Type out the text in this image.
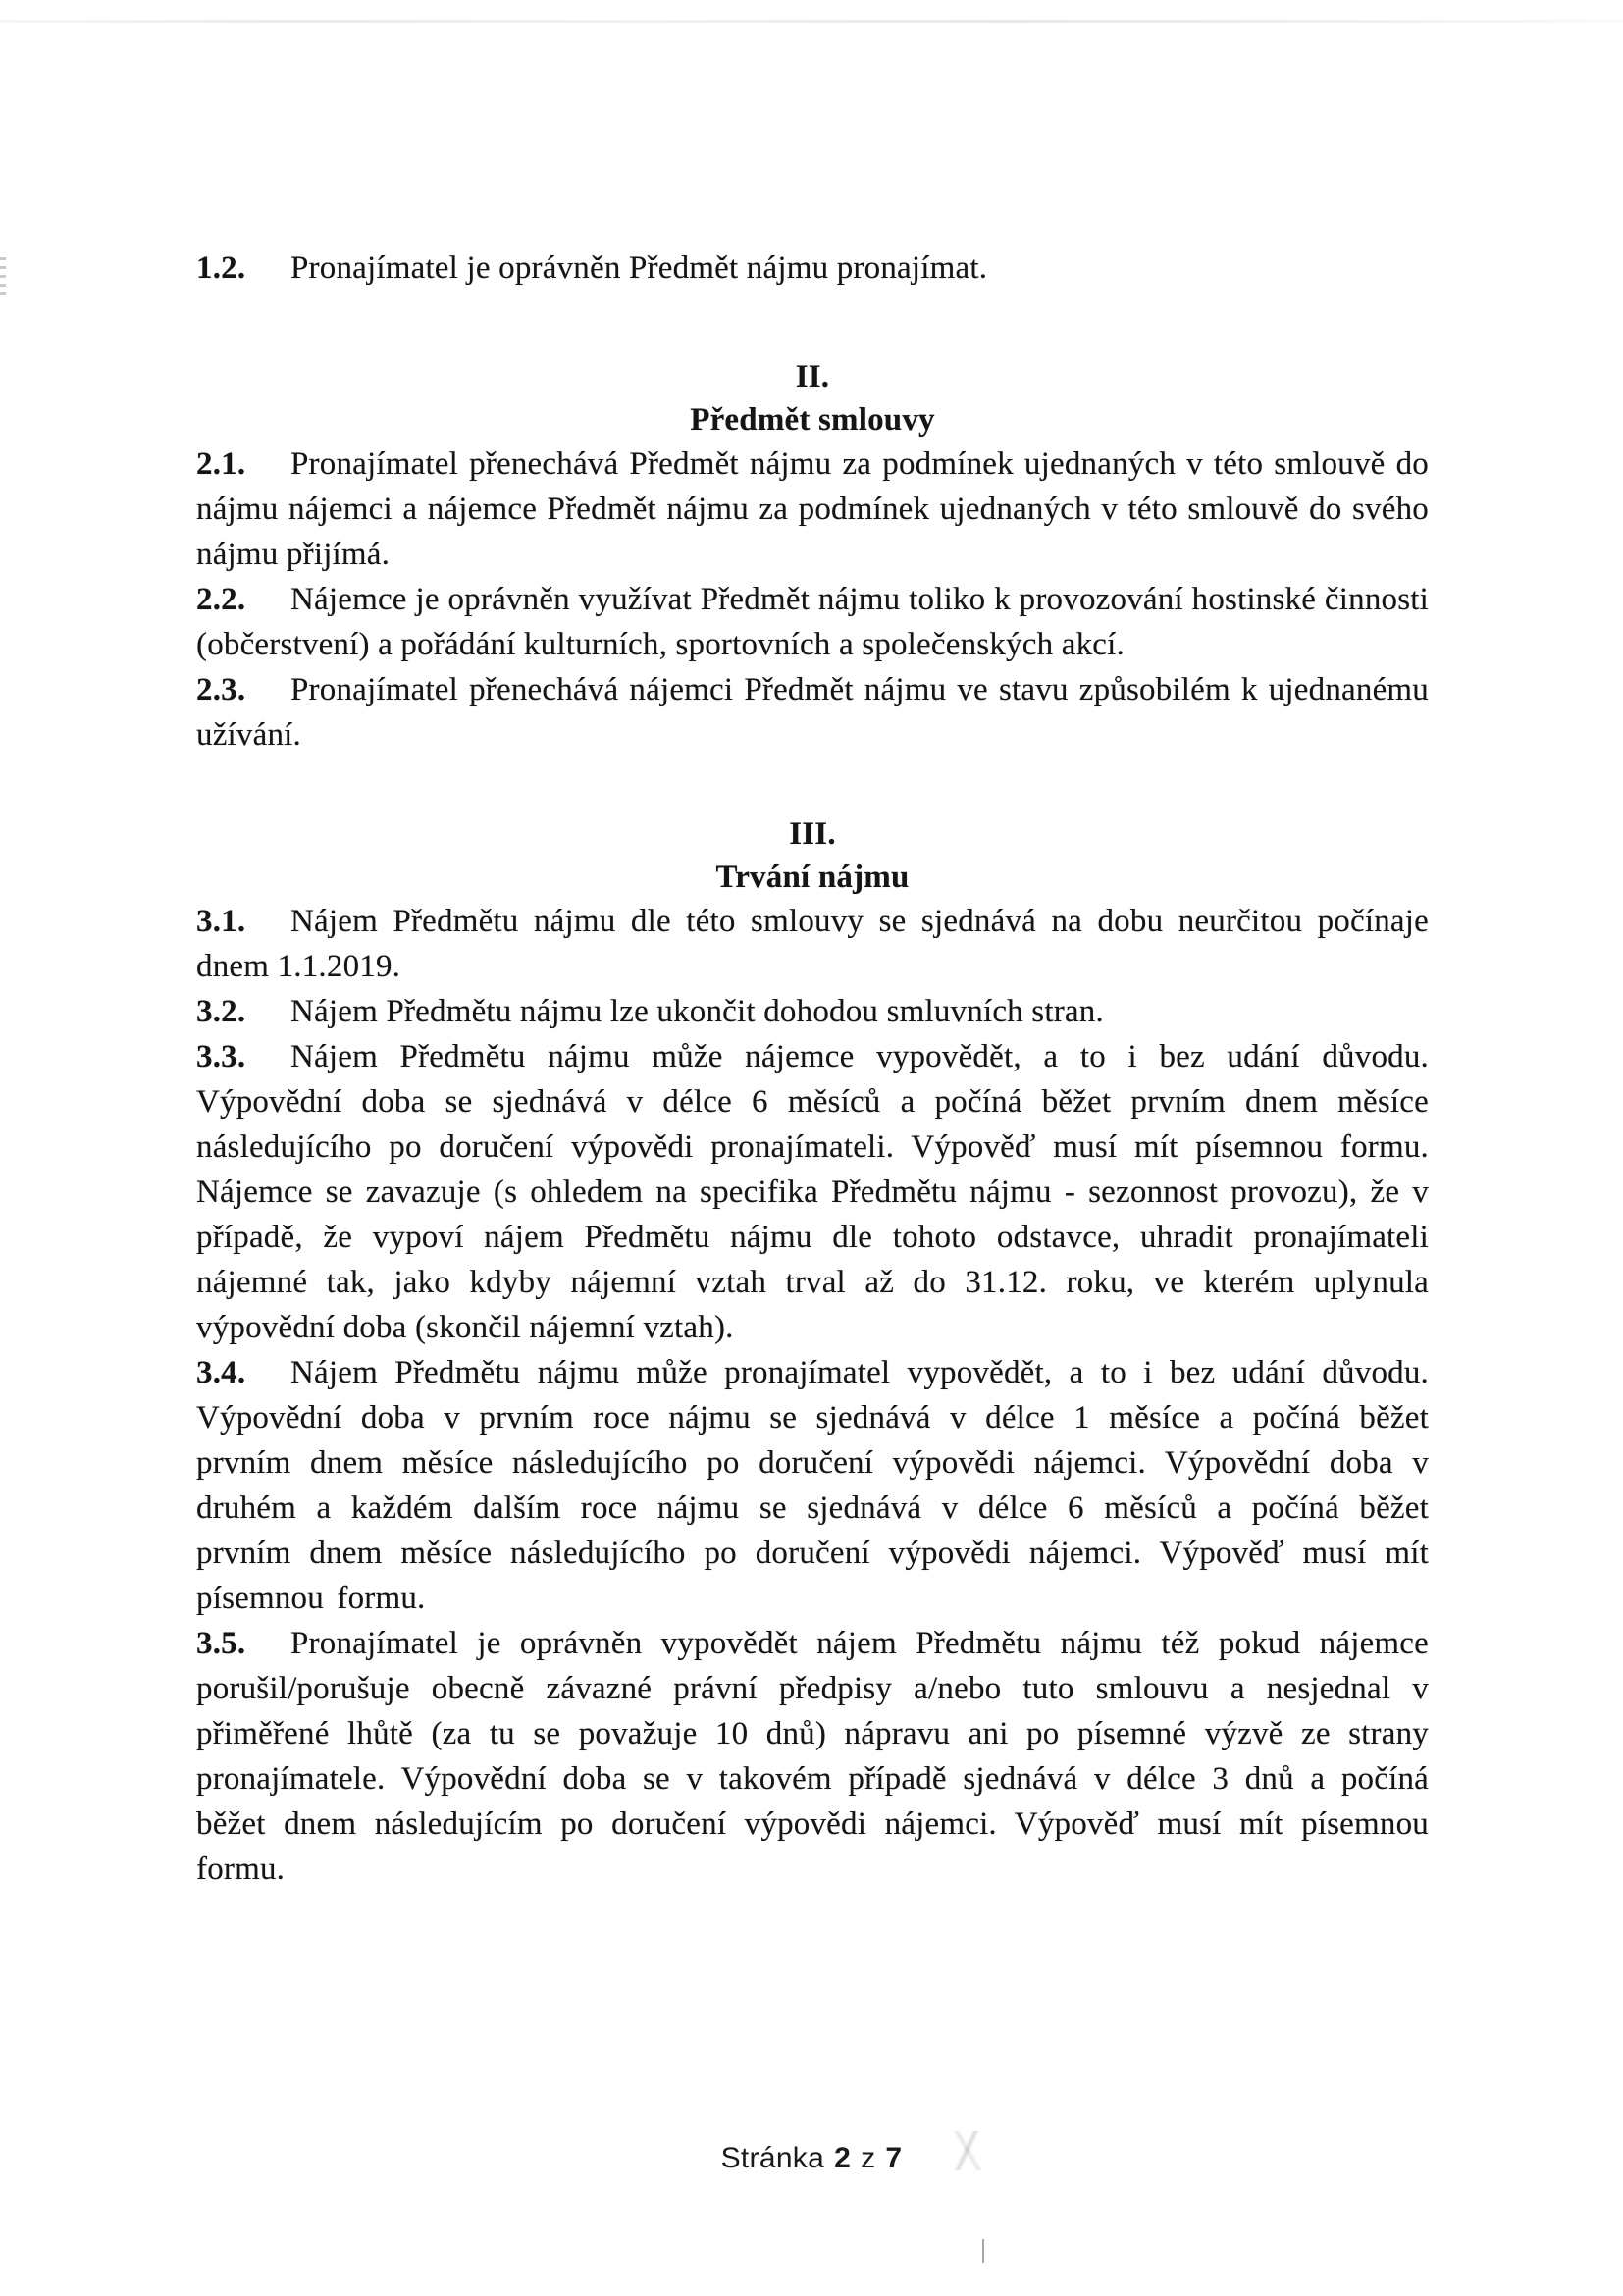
1.2. Pronajímatel je oprávněn Předmět nájmu pronajímat.

II.
Předmět smlouvy

2.1. Pronajímatel přenechává Předmět nájmu za podmínek ujednaných v této smlouvě do nájmu nájemci a nájemce Předmět nájmu za podmínek ujednaných v této smlouvě do svého nájmu přijímá.

2.2. Nájemce je oprávněn využívat Předmět nájmu toliko k provozování hostinské činnosti (občerstvení) a pořádání kulturních, sportovních a společenských akcí.

2.3. Pronajímatel přenechává nájemci Předmět nájmu ve stavu způsobilém k ujednanému užívání.

III.
Trvání nájmu

3.1. Nájem Předmětu nájmu dle této smlouvy se sjednává na dobu neurčitou počínaje dnem 1.1.2019.

3.2. Nájem Předmětu nájmu lze ukončit dohodou smluvních stran.

3.3. Nájem Předmětu nájmu může nájemce vypovědět, a to i bez udání důvodu. Výpovědní doba se sjednává v délce 6 měsíců a počíná běžet prvním dnem měsíce následujícího po doručení výpovědi pronajímateli. Výpověď musí mít písemnou formu. Nájemce se zavazuje (s ohledem na specifika Předmětu nájmu - sezonnost provozu), že v případě, že vypoví nájem Předmětu nájmu dle tohoto odstavce, uhradit pronajímateli nájemné tak, jako kdyby nájemní vztah trval až do 31.12. roku, ve kterém uplynula výpovědní doba (skončil nájemní vztah).

3.4. Nájem Předmětu nájmu může pronajímatel vypovědět, a to i bez udání důvodu. Výpovědní doba v prvním roce nájmu se sjednává v délce 1 měsíce a počíná běžet prvním dnem měsíce následujícího po doručení výpovědi nájemci. Výpovědní doba v druhém a každém dalším roce nájmu se sjednává v délce 6 měsíců a počíná běžet prvním dnem měsíce následujícího po doručení výpovědi nájemci. Výpověď musí mít písemnou formu.

3.5. Pronajímatel je oprávněn vypovědět nájem Předmětu nájmu též pokud nájemce porušil/porušuje obecně závazné právní předpisy a/nebo tuto smlouvu a nesjednal v přiměřené lhůtě (za tu se považuje 10 dnů) nápravu ani po písemné výzvě ze strany pronajímatele. Výpovědní doba se v takovém případě sjednává v délce 3 dnů a počíná běžet dnem následujícím po doručení výpovědi nájemci. Výpověď musí mít písemnou formu.

Stránka 2 z 7
